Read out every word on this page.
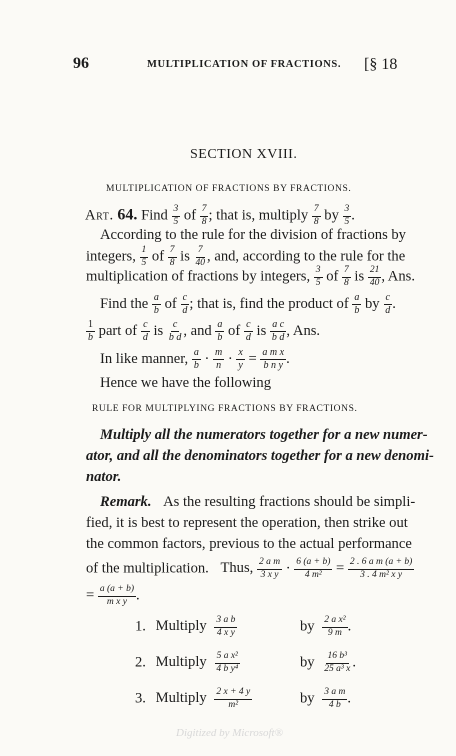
96	MULTIPLICATION OF FRACTIONS. [§ 18
SECTION XVIII.
MULTIPLICATION OF FRACTIONS BY FRACTIONS.
Art. 64. Find $\frac{3}{5}$ of $\frac{7}{8}$ ; that is, multiply $\frac{7}{8}$ by $\frac{3}{5}$ .
According to the rule for the division of fractions by
integers, $\frac{1}{5}$ of $\frac{7}{8}$ is $\frac{7}{40}$ , and, according to the rule for the
multiplication of fractions by integers, $\frac{3}{5}$ of $\frac{7}{8}$ is $\frac{21}{40}$ , Ans.
Find the $\frac{a}{b}$ of $\frac{c}{d}$ ; that is, find the product of $\frac{a}{b}$ by $\frac{c}{d}$ .
$\frac{1}{b}$ part of $\frac{c}{d}$ is $\frac{c}{\text{b d}}$ , and $\frac{a}{b}$ of $\frac{c}{d}$ is $\frac{\text{a c}}{\text{b d}}$ , Ans.
In like manner, $\frac{a}{b} \cdot \frac{m}{n} \cdot \frac{x}{y} = \frac{\text{a m x}}{\text{b n y}}$ .
Hence we have the following
RULE FOR MULTIPLYING FRACTIONS BY FRACTIONS.
Multiply all the numerators together for a new numer-
ator, and all the denominators together for a new denomi-
nator.
Remark. As the resulting fractions should be simpli-
fied, it is best to represent the operation, then strike out
the common factors, previous to the actual performance
of the multiplication. Thus, $\frac{\text{2 a m}}{\text{3 x y}} \cdot \frac{6 (a + b)}{\text{4 m²}} = \frac{\text{2 . 6 a m (a + b)}}{\text{3 . 4 m² x y}}$
= $\frac{a (a + b)}{\text{m x y}}$ .
1. Multiply $\frac{\text{3 a b}}{\text{4 x y}}$	by $\frac{\text{2 a x²}}{9 m}$ .
2. Multiply $\frac{\text{5 a x²}}{\text{4 b y⁴}}$	by $\frac{\text{16 b³}}{\text{25 a³ x}}$ .
3. Multiply $\frac{2 x + 4 y}{\text{m²}}$	by $\frac{\text{3 a m}}{4 b}$ .
Digitized by Microsoft®
